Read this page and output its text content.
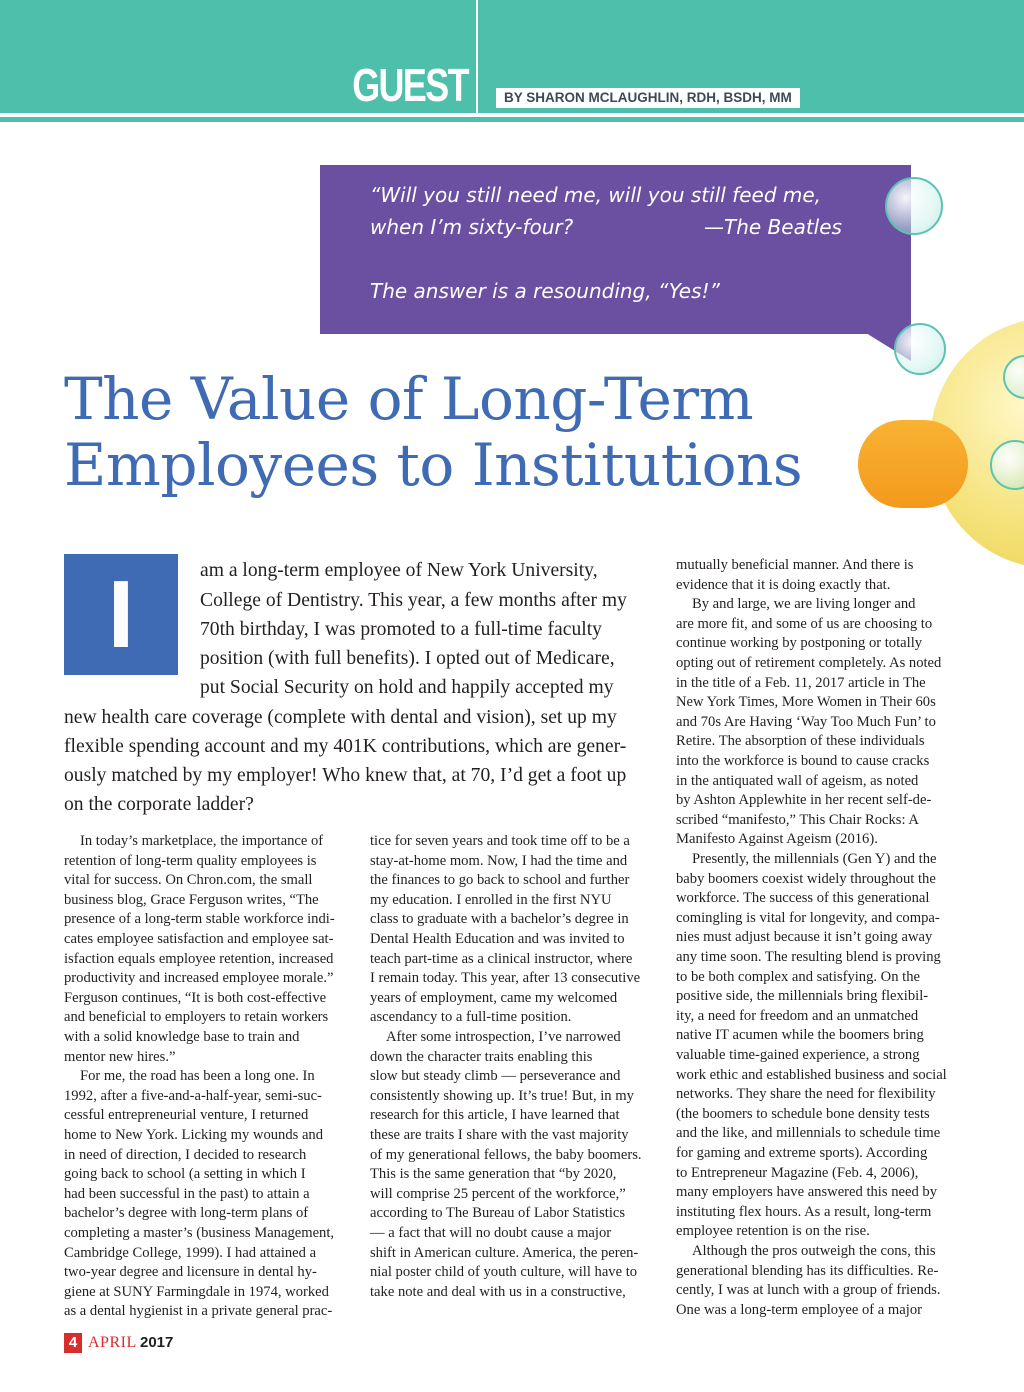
GUEST EDITORIAL
BY SHARON MCLAUGHLIN, RDH, BSDH, MM
“Will you still need me, will you still feed me,
when I’m sixty-four?	—The Beatles
The answer is a resounding, “Yes!”
The Value of Long-Term
Employees to Institutions
I	am a long-term employee of New York University,
College of Dentistry. This year, a few months after my
70th birthday, I was promoted to a full-time faculty
position (with full benefits). I opted out of Medicare,
put Social Security on hold and happily accepted my
new health care coverage (complete with dental and vision), set up my
flexible spending account and my 401K contributions, which are gener-
ously matched by my employer! Who knew that, at 70, I’d get a foot up
on the corporate ladder?
In today’s marketplace, the importance of
retention of long-term quality employees is
vital for success. On Chron.com, the small
business blog, Grace Ferguson writes, “The
presence of a long-term stable workforce indi-
cates employee satisfaction and employee sat-
isfaction equals employee retention, increased
productivity and increased employee morale.”
Ferguson continues, “It is both cost-effective
and beneficial to employers to retain workers
with a solid knowledge base to train and
mentor new hires.”
For me, the road has been a long one. In
1992, after a five-and-a-half-year, semi-suc-
cessful entrepreneurial venture, I returned
home to New York. Licking my wounds and
in need of direction, I decided to research
going back to school (a setting in which I
had been successful in the past) to attain a
bachelor’s degree with long-term plans of
completing a master’s (business Management,
Cambridge College, 1999). I had attained a
two-year degree and licensure in dental hy-
giene at SUNY Farmingdale in 1974, worked
as a dental hygienist in a private general prac-
tice for seven years and took time off to be a
stay-at-home mom. Now, I had the time and
the finances to go back to school and further
my education. I enrolled in the first NYU
class to graduate with a bachelor’s degree in
Dental Health Education and was invited to
teach part-time as a clinical instructor, where
I remain today. This year, after 13 consecutive
years of employment, came my welcomed
ascendancy to a full-time position.
After some introspection, I’ve narrowed
down the character traits enabling this
slow but steady climb — perseverance and
consistently showing up. It’s true! But, in my
research for this article, I have learned that
these are traits I share with the vast majority
of my generational fellows, the baby boomers.
This is the same generation that “by 2020,
will comprise 25 percent of the workforce,”
according to The Bureau of Labor Statistics
— a fact that will no doubt cause a major
shift in American culture. America, the peren-
nial poster child of youth culture, will have to
take note and deal with us in a constructive,
mutually beneficial manner. And there is
evidence that it is doing exactly that.
By and large, we are living longer and
are more fit, and some of us are choosing to
continue working by postponing or totally
opting out of retirement completely. As noted
in the title of a Feb. 11, 2017 article in The
New York Times, More Women in Their 60s
and 70s Are Having ‘Way Too Much Fun’ to
Retire. The absorption of these individuals
into the workforce is bound to cause cracks
in the antiquated wall of ageism, as noted
by Ashton Applewhite in her recent self-de-
scribed “manifesto,” This Chair Rocks: A
Manifesto Against Ageism (2016).
Presently, the millennials (Gen Y) and the
baby boomers coexist widely throughout the
workforce. The success of this generational
comingling is vital for longevity, and compa-
nies must adjust because it isn’t going away
any time soon. The resulting blend is proving
to be both complex and satisfying. On the
positive side, the millennials bring flexibil-
ity, a need for freedom and an unmatched
native IT acumen while the boomers bring
valuable time-gained experience, a strong
work ethic and established business and social
networks. They share the need for flexibility
(the boomers to schedule bone density tests
and the like, and millennials to schedule time
for gaming and extreme sports). According
to Entrepreneur Magazine (Feb. 4, 2006),
many employers have answered this need by
instituting flex hours. As a result, long-term
employee retention is on the rise.
Although the pros outweigh the cons, this
generational blending has its difficulties. Re-
cently, I was at lunch with a group of friends.
One was a long-term employee of a major
4 APRIL 2017
